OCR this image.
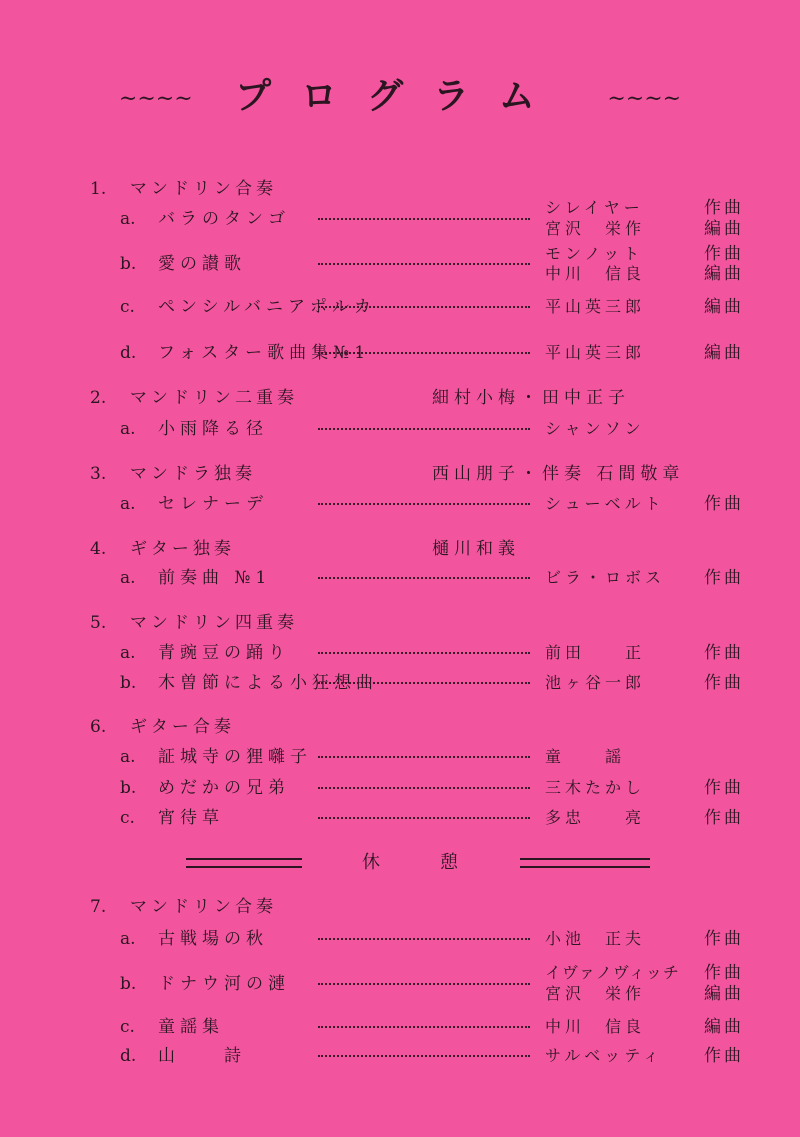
~~~~ プログラム ~~~~
1. マンドリン合奏
a. バラのタンゴ
シレイヤー	作曲
宮沢　栄作	編曲
b. 愛の讃歌
モンノット	作曲
中川　信良	編曲
c. ペンシルバニアポルカ	平山英三郎	編曲
d. フォスター歌曲集№1	平山英三郎	編曲
2. マンドリン二重奏	細村小梅・田中正子
a. 小雨降る径	シャンソン
3. マンドラ独奏	西山朋子・伴奏 石間敬章
a. セレナーデ	シューベルト 作曲
4. ギター独奏	樋川和義
a. 前奏曲 №1	ビラ・ロボス 作曲
5. マンドリン四重奏
a. 青豌豆の踊り	前田　　正	作曲
b. 木曽節による小狂想曲	池ヶ谷一郎	作曲
6. ギター合奏
a. 証城寺の狸囃子	童　　謡
b. めだかの兄弟	三木たかし	作曲
c. 宵待草	多忠　　亮	作曲
7. マンドリン合奏
a. 古戦場の秋	小池　正夫	作曲
b. ドナウ河の漣
イヴァノヴィッチ 作曲
宮沢　栄作	編曲
c. 童謡集	中川　信良	編曲
d. 山　　詩	サルベッティ 作曲
休憩
